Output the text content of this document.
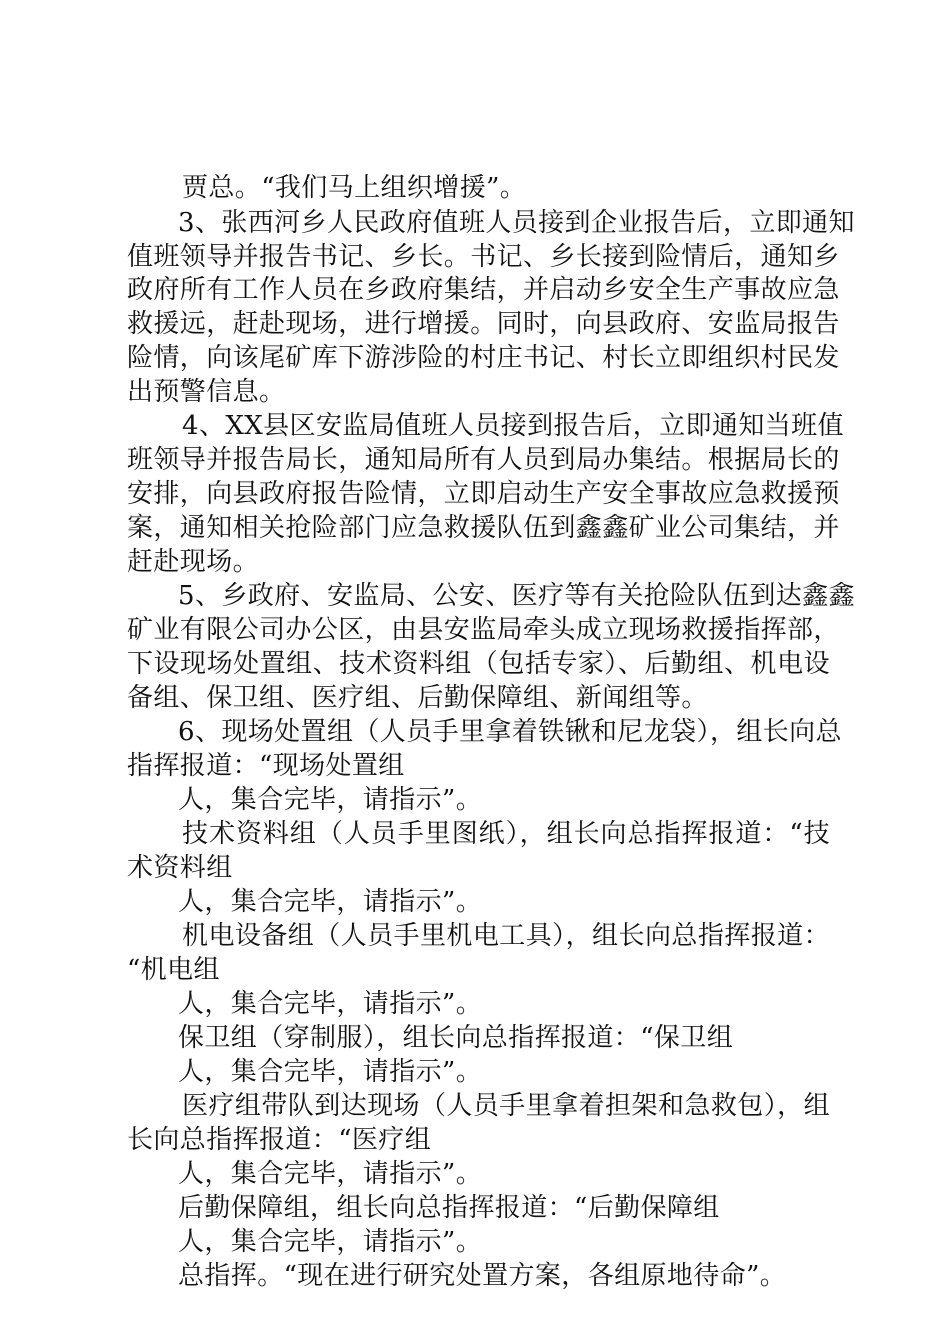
贾总。“我们马上组织增援”。
3、张西河乡人民政府值班人员接到企业报告后，立即通知
值班领导并报告书记、乡长。书记、乡长接到险情后，通知乡
政府所有工作人员在乡政府集结，并启动乡安全生产事故应急
救援远，赶赴现场，进行增援。同时，向县政府、安监局报告
险情，向该尾矿库下游涉险的村庄书记、村长立即组织村民发
出预警信息。
4、XX县区安监局值班人员接到报告后，立即通知当班值
班领导并报告局长，通知局所有人员到局办集结。根据局长的
安排，向县政府报告险情，立即启动生产安全事故应急救援预
案，通知相关抢险部门应急救援队伍到鑫鑫矿业公司集结，并
赶赴现场。
5、乡政府、安监局、公安、医疗等有关抢险队伍到达鑫鑫
矿业有限公司办公区，由县安监局牵头成立现场救援指挥部，
下设现场处置组、技术资料组（包括专家）、后勤组、机电设
备组、保卫组、医疗组、后勤保障组、新闻组等。
6、现场处置组（人员手里拿着铁锹和尼龙袋），组长向总
指挥报道：“现场处置组
人，集合完毕，请指示”。
技术资料组（人员手里图纸），组长向总指挥报道：“技
术资料组
人，集合完毕，请指示”。
机电设备组（人员手里机电工具），组长向总指挥报道：
“机电组
人，集合完毕，请指示”。
保卫组（穿制服），组长向总指挥报道：“保卫组
人，集合完毕，请指示”。
医疗组带队到达现场（人员手里拿着担架和急救包），组
长向总指挥报道：“医疗组
人，集合完毕，请指示”。
后勤保障组，组长向总指挥报道：“后勤保障组
人，集合完毕，请指示”。
总指挥。“现在进行研究处置方案，各组原地待命”。
